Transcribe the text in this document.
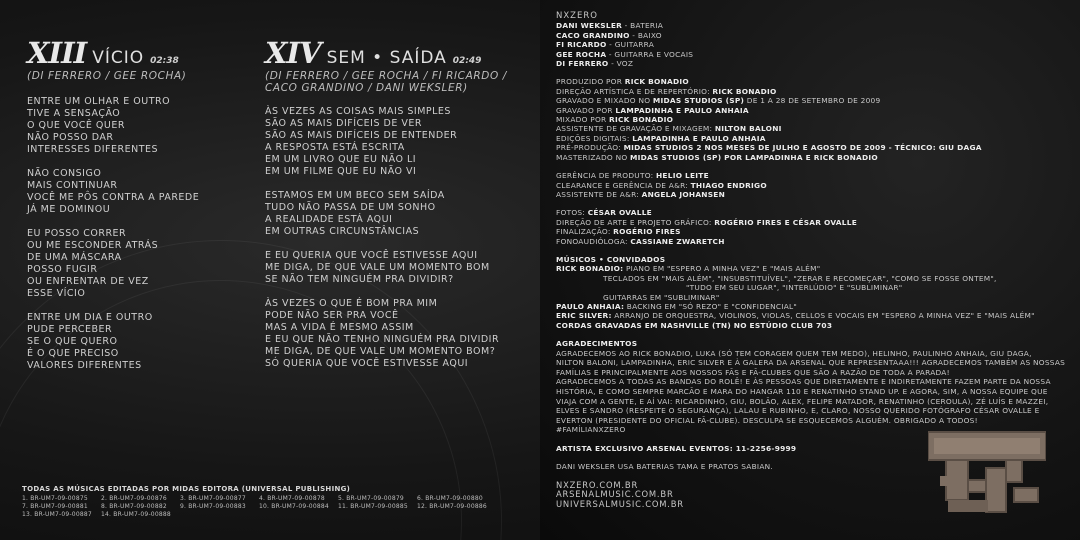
XIII VÍCIO 02:38
(DI FERRERO / GEE ROCHA)
ENTRE UM OLHAR E OUTRO
TIVE A SENSAÇÃO
O QUE VOCÊ QUER
NÃO POSSO DAR
INTERESSES DIFERENTES
NÃO CONSIGO
MAIS CONTINUAR
VOCÊ ME PÔS CONTRA A PAREDE
JÁ ME DOMINOU
EU POSSO CORRER
OU ME ESCONDER ATRÁS
DE UMA MÁSCARA
POSSO FUGIR
OU ENFRENTAR DE VEZ
ESSE VÍCIO
ENTRE UM DIA E OUTRO
PUDE PERCEBER
SE O QUE QUERO
É O QUE PRECISO
VALORES DIFERENTES
XIV SEM • SAÍDA 02:49
(DI FERRERO / GEE ROCHA / FI RICARDO /
CACO GRANDINO / DANI WEKSLER)
ÀS VEZES AS COISAS MAIS SIMPLES
SÃO AS MAIS DIFÍCEIS DE VER
SÃO AS MAIS DIFÍCEIS DE ENTENDER
A RESPOSTA ESTÁ ESCRITA
EM UM LIVRO QUE EU NÃO LI
EM UM FILME QUE EU NÃO VI
ESTAMOS EM UM BECO SEM SAÍDA
TUDO NÃO PASSA DE UM SONHO
A REALIDADE ESTÁ AQUI
EM OUTRAS CIRCUNSTÂNCIAS
E EU QUERIA QUE VOCÊ ESTIVESSE AQUI
ME DIGA, DE QUE VALE UM MOMENTO BOM
SE NÃO TEM NINGUÉM PRA DIVIDIR?
ÀS VEZES O QUE É BOM PRA MIM
PODE NÃO SER PRA VOCÊ
MAS A VIDA É MESMO ASSIM
E EU QUE NÃO TENHO NINGUÉM PRA DIVIDIR
ME DIGA, DE QUE VALE UM MOMENTO BOM?
SÓ QUERIA QUE VOCÊ ESTIVESSE AQUI
TODAS AS MÚSICAS EDITADAS POR MIDAS EDITORA (UNIVERSAL PUBLISHING)
1. BR-UM7-09-00875	2. BR-UM7-09-00876	3. BR-UM7-09-00877	4. BR-UM7-09-00878	5. BR-UM7-09-00879	6. BR-UM7-09-00880
7. BR-UM7-09-00881	8. BR-UM7-09-00882	9. BR-UM7-09-00883	10. BR-UM7-09-00884	11. BR-UM7-09-00885	12. BR-UM7-09-00886
13. BR-UM7-09-00887	14. BR-UM7-09-00888
NXZERO
DANI WEKSLER - BATERIA
CACO GRANDINO - BAIXO
FI RICARDO - GUITARRA
GEE ROCHA - GUITARRA E VOCAIS
DI FERRERO - VOZ
PRODUZIDO POR RICK BONADIO
DIREÇÃO ARTÍSTICA E DE REPERTÓRIO: RICK BONADIO
GRAVADO E MIXADO NO MIDAS STUDIOS (SP) DE 1 A 28 DE SETEMBRO DE 2009
GRAVADO POR LAMPADINHA E PAULO ANHAIA
MIXADO POR RICK BONADIO
ASSISTENTE DE GRAVAÇÃO E MIXAGEM: NILTON BALONI
EDIÇÕES DIGITAIS: LAMPADINHA E PAULO ANHAIA
PRÉ-PRODUÇÃO: MIDAS STUDIOS 2 NOS MESES DE JULHO E AGOSTO DE 2009 - TÉCNICO: GIU DAGA
MASTERIZADO NO MIDAS STUDIOS (SP) POR LAMPADINHA E RICK BONADIO
GERÊNCIA DE PRODUTO: HELIO LEITE
CLEARANCE E GERÊNCIA DE A&R: THIAGO ENDRIGO
ASSISTENTE DE A&R: ANGELA JOHANSEN
FOTOS: CÉSAR OVALLE
DIREÇÃO DE ARTE E PROJETO GRÁFICO: ROGÉRIO FIRES E CÉSAR OVALLE
FINALIZAÇÃO: ROGÉRIO FIRES
FONOAUDIÓLOGA: CASSIANE ZWARETCH
MÚSICOS • CONVIDADOS
RICK BONADIO: PIANO EM "ESPERO A MINHA VEZ" E "MAIS ALÉM"
TECLADOS EM "MAIS ALÉM", "INSUBSTITUÍVEL", "ZERAR E RECOMEÇAR", "COMO SE FOSSE ONTEM",
"TUDO EM SEU LUGAR", "INTERLÚDIO" E "SUBLIMINAR"
GUITARRAS EM "SUBLIMINAR"
PAULO ANHAIA: BACKING EM "SÓ REZO" E "CONFIDENCIAL"
ERIC SILVER: ARRANJO DE ORQUESTRA, VIOLINOS, VIOLAS, CELLOS E VOCAIS EM "ESPERO A MINHA VEZ" E "MAIS ALÉM"
CORDAS GRAVADAS EM NASHVILLE (TN) NO ESTÚDIO CLUB 703
AGRADECIMENTOS
AGRADECEMOS AO RICK BONADIO, LUKA (SÓ TEM CORAGEM QUEM TEM MEDO), HELINHO, PAULINHO ANHAIA, GIU DAGA,
NILTON BALONI, LAMPADINHA, ERIC SILVER E À GALERA DA ARSENAL QUE REPRESENTAAA!!! AGRADECEMOS TAMBÉM AS NOSSAS
FAMÍLIAS E PRINCIPALMENTE AOS NOSSOS FÃS E FÃ-CLUBES QUE SÃO A RAZÃO DE TODA A PARADA!
AGRADECEMOS A TODAS AS BANDAS DO ROLÊ! E ÀS PESSOAS QUE DIRETAMENTE E INDIRETAMENTE FAZEM PARTE DA NOSSA
HISTÓRIA, E COMO SEMPRE MARCÃO E MARA DO HANGAR 110 E RENATINHO STAND UP. E AGORA, SIM, A NOSSA EQUIPE QUE
VIAJA COM A GENTE, E AÍ VAI: RICARDINHO, GIU, BOLÃO, ALEX, FELIPE MATADOR, RENATINHO (CEROULA), ZÉ LUÍS E MAZZEI,
ELVES E SANDRO (RESPEITE O SEGURANÇA), LALAU E RUBINHO, E, CLARO, NOSSO QUERIDO FOTÓGRAFO CÉSAR OVALLE E
EVERTON (PRESIDENTE DO OFICIAL FÃ-CLUBE). DESCULPA SE ESQUECEMOS ALGUÉM. OBRIGADO A TODOS!
#FAMÍLIANXZERO
ARTISTA EXCLUSIVO ARSENAL EVENTOS: 11-2256-9999
DANI WEKSLER USA BATERIAS TAMA E PRATOS SABIAN.
NXZERO.COM.BR
ARSENALMUSIC.COM.BR
UNIVERSALMUSIC.COM.BR
